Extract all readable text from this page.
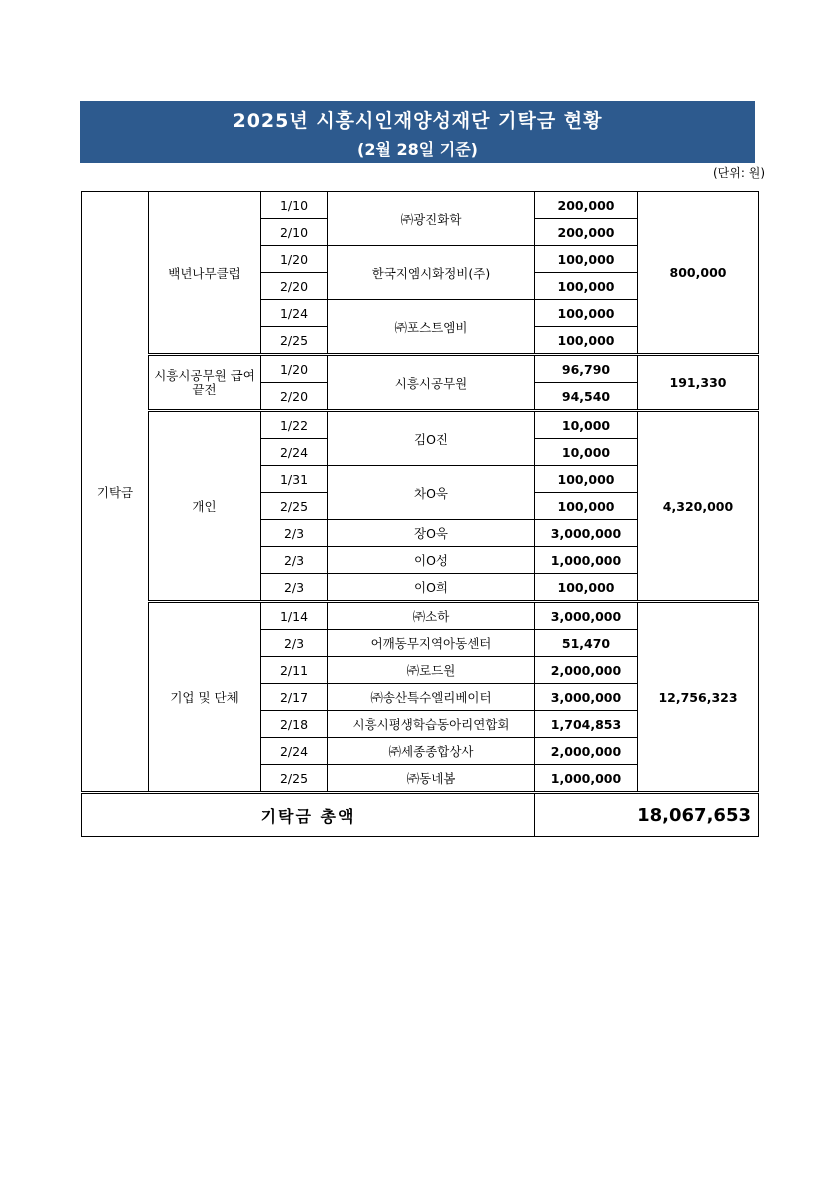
2025년 시흥시인재양성재단 기탁금 현황
(2월 28일 기준)
(단위: 원)
기탁금	백년나무클럽	1/10	㈜광진화학	200,000	800,000
		2/10		200,000	
		1/20	한국지엠시화정비(주)	100,000	
		2/20		100,000	
		1/24	㈜포스트엠비	100,000	
		2/25		100,000	
	시흥시공무원 급여끝전	1/20	시흥시공무원	96,790	191,330
		2/20		94,540	
	개인	1/22	김O진	10,000	4,320,000
		2/24		10,000	
		1/31	차O욱	100,000	
		2/25		100,000	
		2/3	장O욱	3,000,000	
		2/3	이O성	1,000,000	
		2/3	이O희	100,000	
	기업 및 단체	1/14	㈜소하	3,000,000	12,756,323
		2/3	어깨동무지역아동센터	51,470	
		2/11	㈜로드원	2,000,000	
		2/17	㈜송산특수엘리베이터	3,000,000	
		2/18	시흥시평생학습동아리연합회	1,704,853	
		2/24	㈜세종종합상사	2,000,000	
		2/25	㈜동네봄	1,000,000	
기탁금 총액				18,067,653	
